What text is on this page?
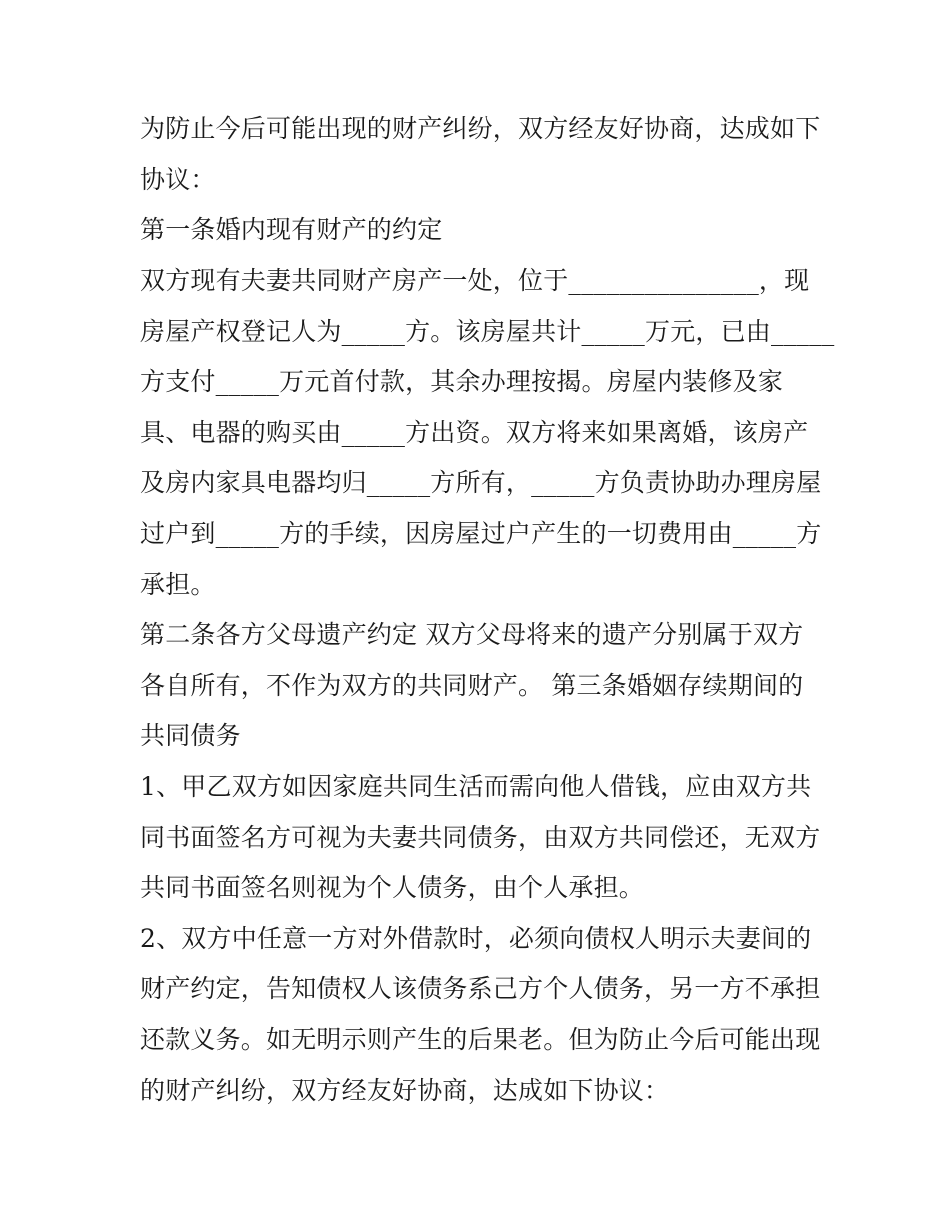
为防止今后可能出现的财产纠纷，双方经友好协商，达成如下

协议：

第一条婚内现有财产的约定

双方现有夫妻共同财产房产一处，位于_______________，现

房屋产权登记人为_____方。该房屋共计_____万元，已由_____

方支付_____万元首付款，其余办理按揭。房屋内装修及家

具、电器的购买由_____方出资。双方将来如果离婚，该房产

及房内家具电器均归_____方所有，_____方负责协助办理房屋

过户到_____方的手续，因房屋过户产生的一切费用由_____方

承担。

第二条各方父母遗产约定 双方父母将来的遗产分别属于双方

各自所有，不作为双方的共同财产。 第三条婚姻存续期间的

共同债务

1、甲乙双方如因家庭共同生活而需向他人借钱，应由双方共

同书面签名方可视为夫妻共同债务，由双方共同偿还，无双方

共同书面签名则视为个人债务，由个人承担。

2、双方中任意一方对外借款时，必须向债权人明示夫妻间的

财产约定，告知债权人该债务系己方个人债务，另一方不承担

还款义务。如无明示则产生的后果老。但为防止今后可能出现

的财产纠纷，双方经友好协商，达成如下协议：
